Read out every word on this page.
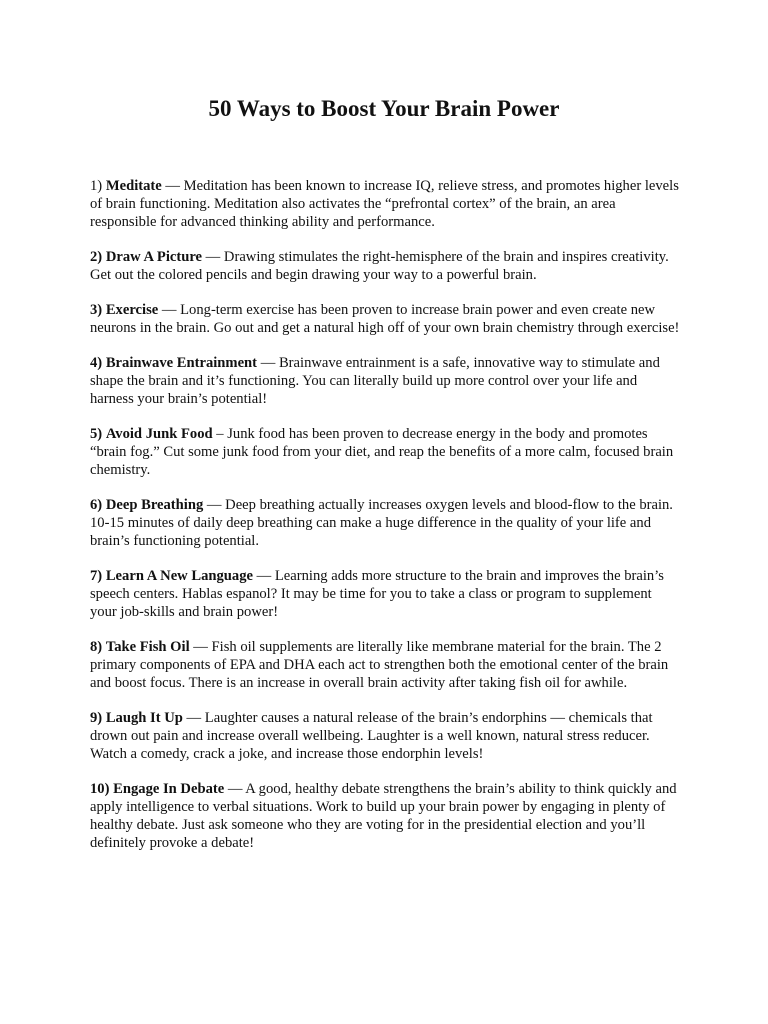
50 Ways to Boost Your Brain Power
1) Meditate — Meditation has been known to increase IQ, relieve stress, and promotes higher levels of brain functioning. Meditation also activates the “prefrontal cortex” of the brain, an area responsible for advanced thinking ability and performance.
2) Draw A Picture — Drawing stimulates the right-hemisphere of the brain and inspires creativity. Get out the colored pencils and begin drawing your way to a powerful brain.
3) Exercise — Long-term exercise has been proven to increase brain power and even create new neurons in the brain. Go out and get a natural high off of your own brain chemistry through exercise!
4) Brainwave Entrainment — Brainwave entrainment is a safe, innovative way to stimulate and shape the brain and it’s functioning. You can literally build up more control over your life and harness your brain’s potential!
5) Avoid Junk Food – Junk food has been proven to decrease energy in the body and promotes “brain fog.” Cut some junk food from your diet, and reap the benefits of a more calm, focused brain chemistry.
6) Deep Breathing — Deep breathing actually increases oxygen levels and blood-flow to the brain. 10-15 minutes of daily deep breathing can make a huge difference in the quality of your life and brain’s functioning potential.
7) Learn A New Language — Learning adds more structure to the brain and improves the brain’s speech centers. Hablas espanol? It may be time for you to take a class or program to supplement your job-skills and brain power!
8) Take Fish Oil — Fish oil supplements are literally like membrane material for the brain. The 2 primary components of EPA and DHA each act to strengthen both the emotional center of the brain and boost focus. There is an increase in overall brain activity after taking fish oil for awhile.
9) Laugh It Up — Laughter causes a natural release of the brain’s endorphins — chemicals that drown out pain and increase overall wellbeing. Laughter is a well known, natural stress reducer. Watch a comedy, crack a joke, and increase those endorphin levels!
10) Engage In Debate — A good, healthy debate strengthens the brain’s ability to think quickly and apply intelligence to verbal situations. Work to build up your brain power by engaging in plenty of healthy debate. Just ask someone who they are voting for in the presidential election and you’ll definitely provoke a debate!
